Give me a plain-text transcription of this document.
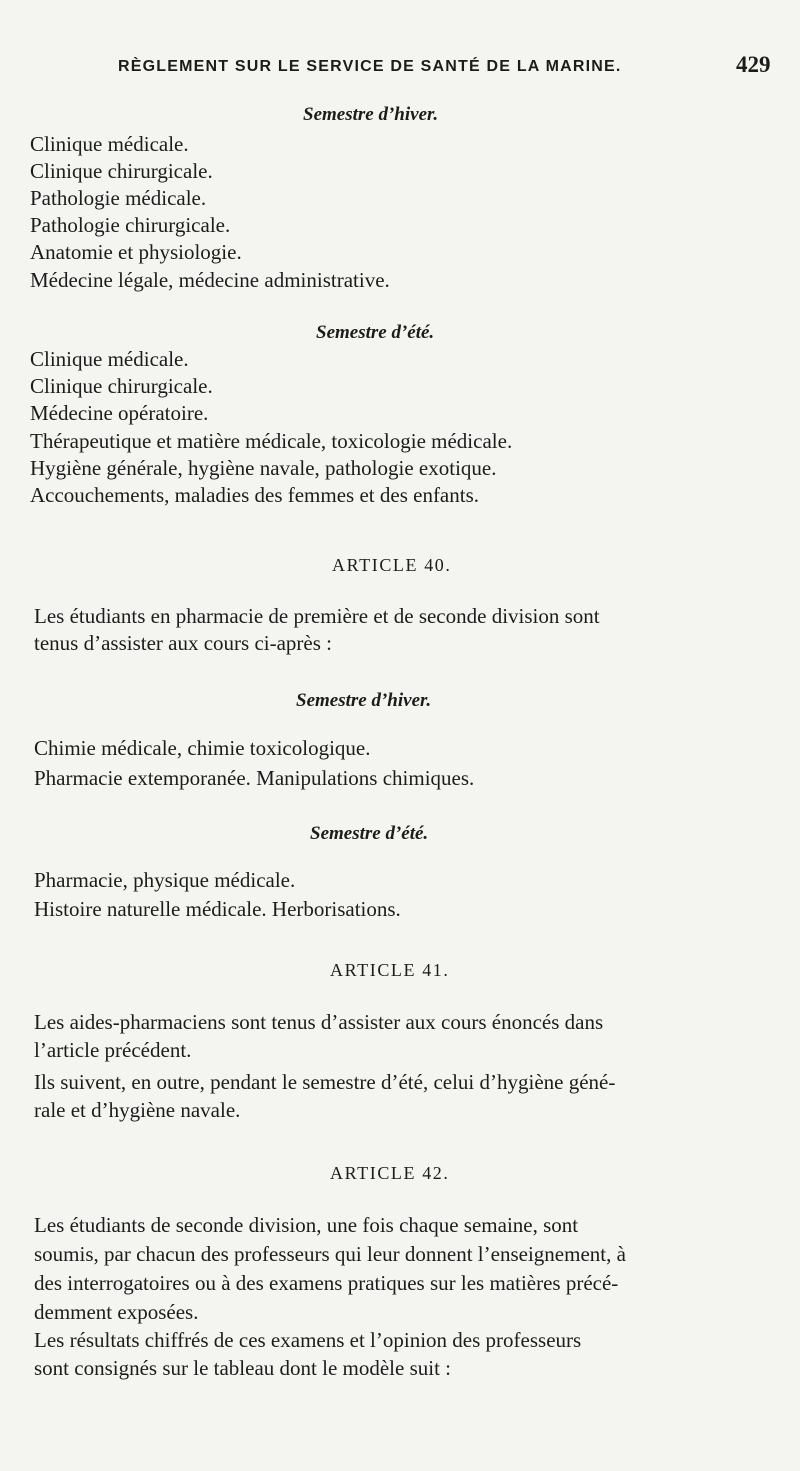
RÈGLEMENT SUR LE SERVICE DE SANTÉ DE LA MARINE.	429
Semestre d’hiver.
Clinique médicale.
Clinique chirurgicale.
Pathologie médicale.
Pathologie chirurgicale.
Anatomie et physiologie.
Médecine légale, médecine administrative.
Semestre d’été.
Clinique médicale.
Clinique chirurgicale.
Médecine opératoire.
Thérapeutique et matière médicale, toxicologie médicale.
Hygiène générale, hygiène navale, pathologie exotique.
Accouchements, maladies des femmes et des enfants.
ARTICLE 40.
Les étudiants en pharmacie de première et de seconde division sont
tenus d’assister aux cours ci-après :
Semestre d’hiver.
Chimie médicale, chimie toxicologique.
Pharmacie extemporanée. Manipulations chimiques.
Semestre d’été.
Pharmacie, physique médicale.
Histoire naturelle médicale. Herborisations.
ARTICLE 41.
Les aides-pharmaciens sont tenus d’assister aux cours énoncés dans
l’article précédent.
Ils suivent, en outre, pendant le semestre d’été, celui d’hygiène géné-
rale et d’hygiène navale.
ARTICLE 42.
Les étudiants de seconde division, une fois chaque semaine, sont
soumis, par chacun des professeurs qui leur donnent l’enseignement, à
des interrogatoires ou à des examens pratiques sur les matières précé-
demment exposées.
Les résultats chiffrés de ces examens et l’opinion des professeurs
sont consignés sur le tableau dont le modèle suit :
